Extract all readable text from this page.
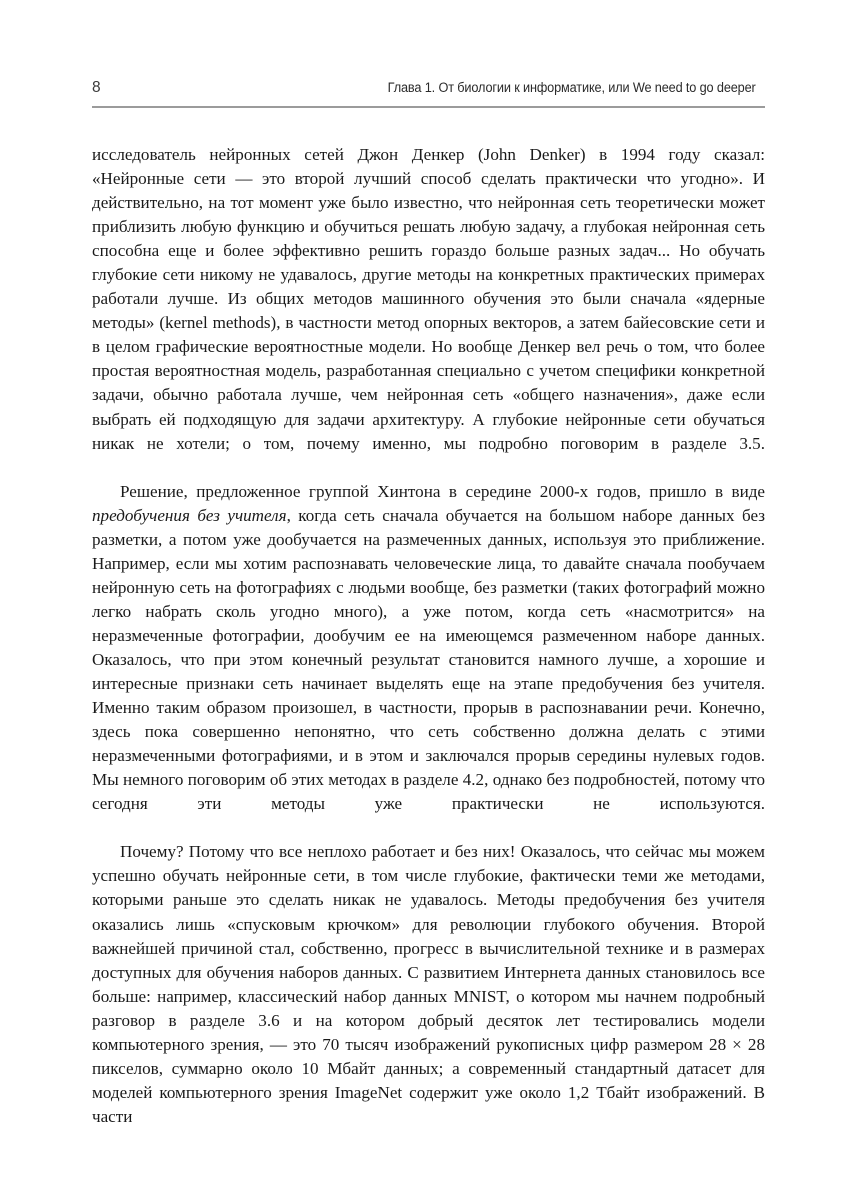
8	Глава 1. От биологии к информатике, или We need to go deeper

исследователь нейронных сетей Джон Денкер (John Denker) в 1994 году сказал: «Нейронные сети — это второй лучший способ сделать практически что угодно». И действительно, на тот момент уже было известно, что нейронная сеть теоретически может приблизить любую функцию и обучиться решать любую задачу, а глубокая нейронная сеть способна еще и более эффективно решить гораздо больше разных задач... Но обучать глубокие сети никому не удавалось, другие методы на конкретных практических примерах работали лучше. Из общих методов машинного обучения это были сначала «ядерные методы» (kernel methods), в частности метод опорных векторов, а затем байесовские сети и в целом графические вероятностные модели. Но вообще Денкер вел речь о том, что более простая вероятностная модель, разработанная специально с учетом специфики конкретной задачи, обычно работала лучше, чем нейронная сеть «общего назначения», даже если выбрать ей подходящую для задачи архитектуру. А глубокие нейронные сети обучаться никак не хотели; о том, почему именно, мы подробно поговорим в разделе 3.5.

Решение, предложенное группой Хинтона в середине 2000-х годов, пришло в виде предобучения без учителя, когда сеть сначала обучается на большом наборе данных без разметки, а потом уже дообучается на размеченных данных, используя это приближение. Например, если мы хотим распознавать человеческие лица, то давайте сначала пообучаем нейронную сеть на фотографиях с людьми вообще, без разметки (таких фотографий можно легко набрать сколь угодно много), а уже потом, когда сеть «насмотрится» на неразмеченные фотографии, дообучим ее на имеющемся размеченном наборе данных. Оказалось, что при этом конечный результат становится намного лучше, а хорошие и интересные признаки сеть начинает выделять еще на этапе предобучения без учителя. Именно таким образом произошел, в частности, прорыв в распознавании речи. Конечно, здесь пока совершенно непонятно, что сеть собственно должна делать с этими неразмеченными фотографиями, и в этом и заключался прорыв середины нулевых годов. Мы немного поговорим об этих методах в разделе 4.2, однако без подробностей, потому что сегодня эти методы уже практически не используются.

Почему? Потому что все неплохо работает и без них! Оказалось, что сейчас мы можем успешно обучать нейронные сети, в том числе глубокие, фактически теми же методами, которыми раньше это сделать никак не удавалось. Методы предобучения без учителя оказались лишь «спусковым крючком» для революции глубокого обучения. Второй важнейшей причиной стал, собственно, прогресс в вычислительной технике и в размерах доступных для обучения наборов данных. С развитием Интернета данных становилось все больше: например, классический набор данных MNIST, о котором мы начнем подробный разговор в разделе 3.6 и на котором добрый десяток лет тестировались модели компьютерного зрения, — это 70 тысяч изображений рукописных цифр размером 28 × 28 пикселов, суммарно около 10 Мбайт данных; а современный стандартный датасет для моделей компьютерного зрения ImageNet содержит уже около 1,2 Тбайт изображений. В части
